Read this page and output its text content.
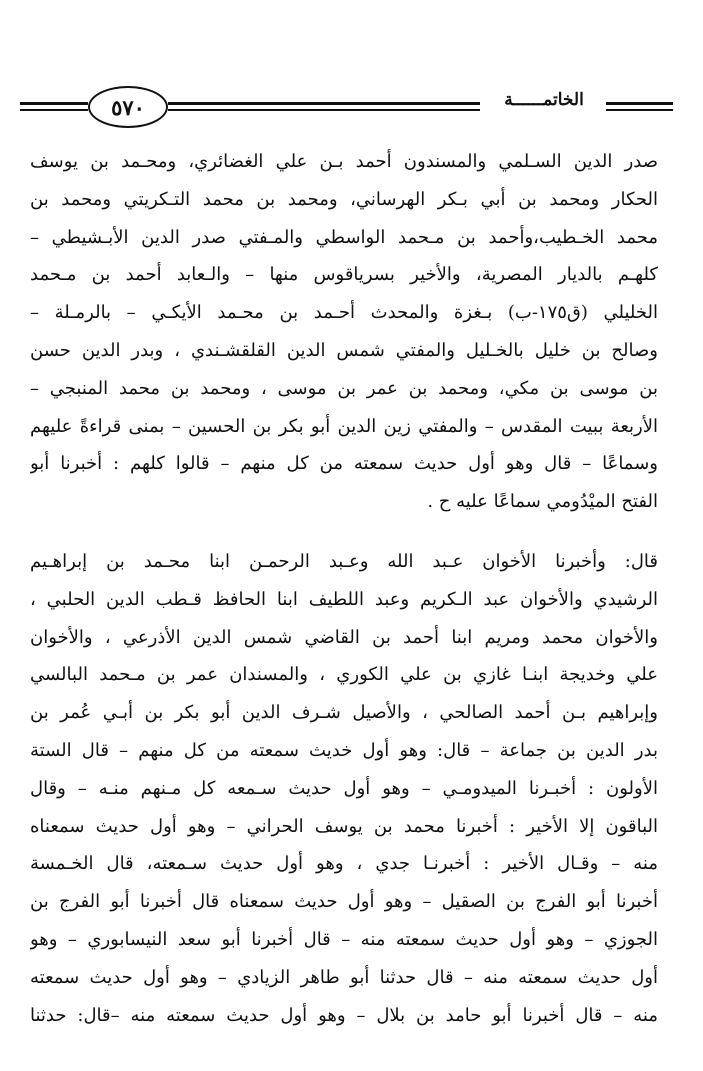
٥٧٠	الخاتمــــــة
صدر الدين السـلمي والمسندون أحمد بـن علي الغضائري، ومحـمد بن يوسف
الحكار ومحمد بن أبي بـكر الهرساني، ومحمد بن محمد التـكريتي ومحمد بن
محمد الخـطيب،وأحمد بن مـحمد الواسطي والمـفتي صدر الدين الأبـشيطي –
كلهـم بالديار المصرية، والأخير بسرياقوس منها – والـعابد أحمد بن مـحمد
الخليلي (ق١٧٥-ب) بـغزة والمحدث أحـمد بن محـمد الأيكـي – بالرمـلة –
وصالح بن خليل بالخـليل والمفتي شمس الدين القلقشـندي ، وبدر الدين حسن
بن موسى بن مكي، ومحمد بن عمر بن موسى ، ومحمد بن محمد المنبجي –
الأربعة ببيت المقدس – والمفتي زين الدين أبو بكر بن الحسين – بمنى قراءةً عليهم
وسماعًا – قال وهو أول حديث سمعته من كل منهم – قالوا كلهم : أخبرنا أبو
الفتح الميْدُومي سماعًا عليه ح .
قال: وأخبرنا الأخوان عـبد الله وعـبد الرحمـن ابنا محـمد بن إبراهـيم
الرشيدي والأخوان عبد الـكريم وعبد اللطيف ابنا الحافظ قـطب الدين الحلبي ،
والأخوان محمد ومريم ابنا أحمد بن القاضي شمس الدين الأذرعي ، والأخوان
علي وخديجة ابنـا غازي بن علي الكوري ، والمسندان عمر بن مـحمد البالسي
وإبراهيم بـن أحمد الصالحي ، والأصيل شـرف الدين أبو بكر بن أبـي عُمر بن
بدر الدين بن جماعة – قال: وهو أول خديث سمعته من كل منهم – قال الستة
الأولون : أخبـرنا الميدومـي – وهو أول حديث سـمعه كل مـنهم منـه – وقال
الباقون إلا الأخير : أخبرنا محمد بن يوسف الحراني – وهو أول حديث سمعناه
منه – وقـال الأخير : أخبرنـا جدي ، وهو أول حديث سـمعته، قال الخـمسة
أخبرنا أبو الفرج بن الصقيل – وهو أول حديث سمعناه قال أخبرنا أبو الفرج بن
الجوزي – وهو أول حديث سمعته منه – قال أخبرنا أبو سعد النيسابوري – وهو
أول حديث سمعته منه – قال حدثنا أبو طاهر الزيادي – وهو أول حديث سمعته
منه – قال أخبرنا أبو حامد بن بلال – وهو أول حديث سمعته منه –قال: حدثنا
